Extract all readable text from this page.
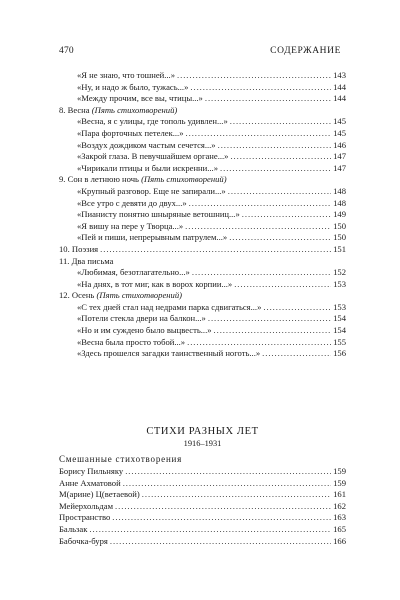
470	СОДЕРЖАНИЕ
«Я не знаю, что тошней...» . . .	143
«Ну, и надо ж было, тужась...» . . .	144
«Между прочим, все вы, чтицы...» . . .	144
8. Весна (Пять стихотворений)
«Весна, я с улицы, где тополь удивлен...» . . .	145
«Пара форточных петелек...» . . .	145
«Воздух дождиком частым сечется...» . . .	146
«Закрой глаза. В певучшайшем органе...» . . .	147
«Чирикали птицы и были искренни...» . . .	147
9. Сон в летнюю ночь (Пять стихотворений)
«Крупный разговор. Еще не запирали...» . . .	148
«Все утро с девяти до двух...» . . .	148
«Пианисту понятно шныряные ветошниц...» . . .	149
«Я вишу на пере у Творца...» . . .	150
«Пей и пиши, непрерывным патрулем...» . . .	150
10. Поэзия . . .	151
11. Два письма
«Любимая, безотлагательно...» . . .	152
«На днях, в тот миг, как в ворох корпии...» . . .	153
12. Осень (Пять стихотворений)
«С тех дней стал над недрами парка сдвигаться...» . . .	153
«Потели стекла двери на балкон...» . . .	154
«Но и им суждено было выцвесть...» . . .	154
«Весна была просто тобой...» . . .	155
«Здесь прошелся загадки таинственный ноготь...» . . .	156
СТИХИ РАЗНЫХ ЛЕТ
1916–1931
Смешанные стихотворения
Борису Пильняку . . .	159
Анне Ахматовой . . .	159
М(арине) Ц(ветаевой) . . .	161
Мейерхольдам . . .	162
Пространство . . .	163
Бальзак . . .	165
Бабочка-буря . . .	166
